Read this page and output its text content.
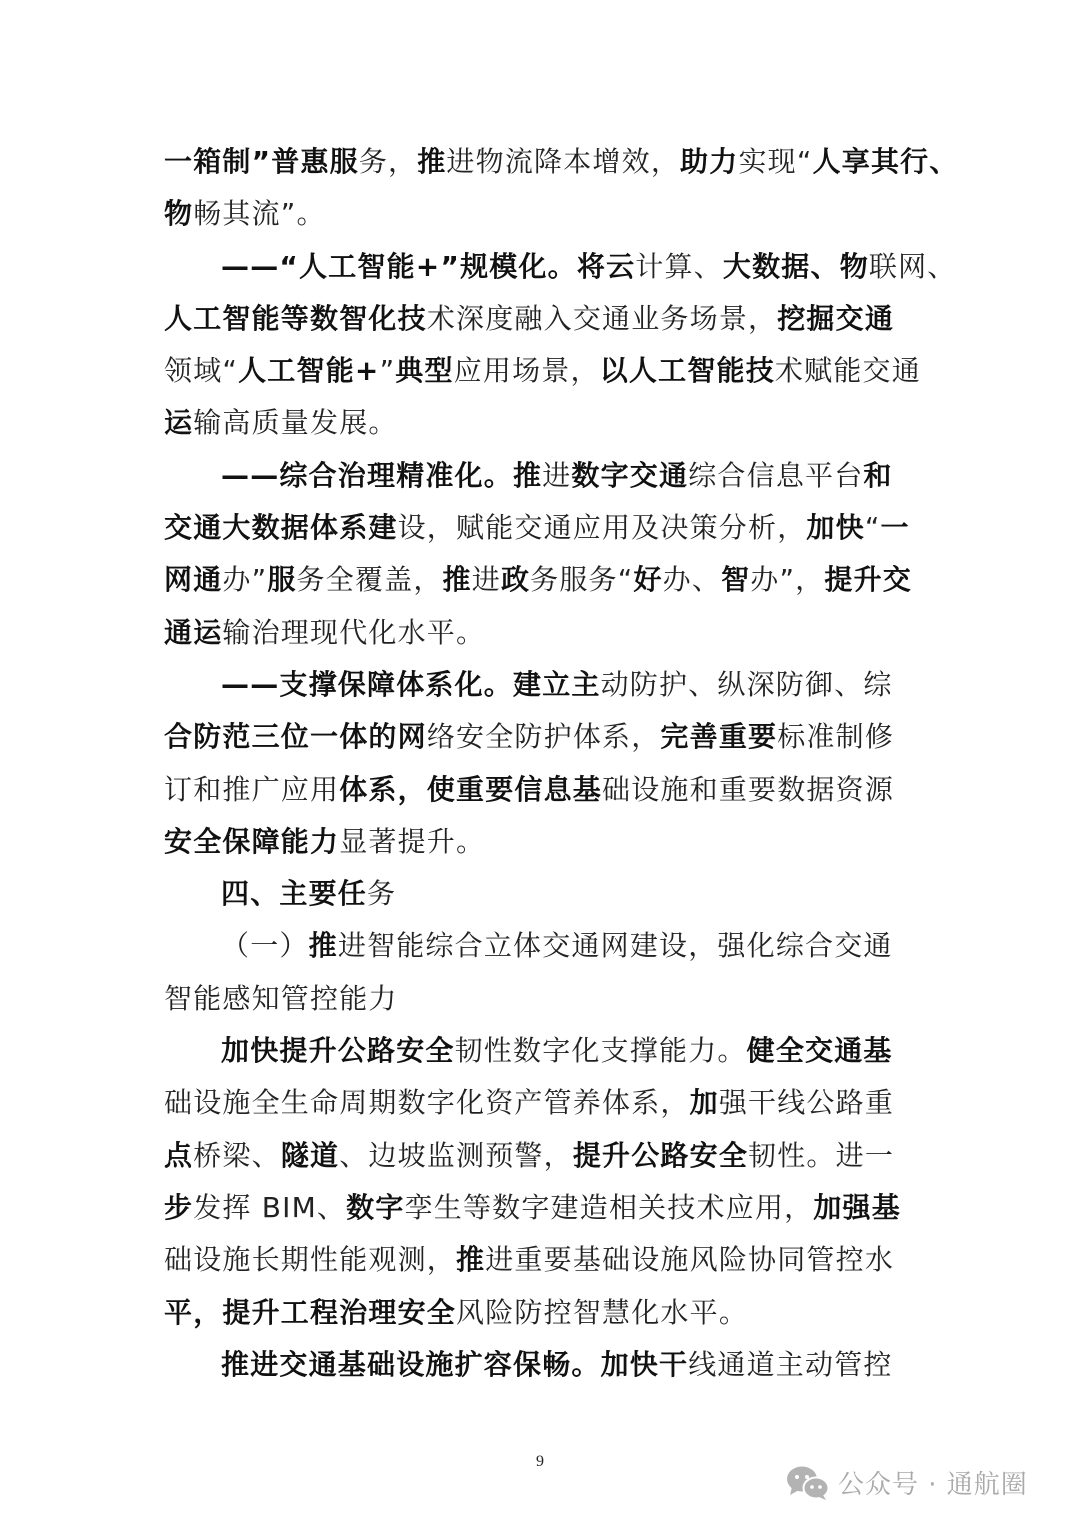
一箱制”普惠服务，推进物流降本增效，助力实现“人享其行、
物畅其流”。
——“人工智能+”规模化。将云计算、大数据、物联网、
人工智能等数智化技术深度融入交通业务场景，挖掘交通
领域“人工智能+”典型应用场景，以人工智能技术赋能交通
运输高质量发展。
——综合治理精准化。推进数字交通综合信息平台和
交通大数据体系建设，赋能交通应用及决策分析，加快“一
网通办”服务全覆盖，推进政务服务“好办、智办”，提升交
通运输治理现代化水平。
——支撑保障体系化。建立主动防护、纵深防御、综
合防范三位一体的网络安全防护体系，完善重要标准制修
订和推广应用体系，使重要信息基础设施和重要数据资源
安全保障能力显著提升。
四、主要任务
（一）推进智能综合立体交通网建设，强化综合交通
智能感知管控能力
加快提升公路安全韧性数字化支撑能力。健全交通基
础设施全生命周期数字化资产管养体系，加强干线公路重
点桥梁、隧道、边坡监测预警，提升公路安全韧性。进一
步发挥 BIM、数字孪生等数字建造相关技术应用，加强基
础设施长期性能观测，推进重要基础设施风险协同管控水
平，提升工程治理安全风险防控智慧化水平。
推进交通基础设施扩容保畅。加快干线通道主动管控
9
公众号 · 通航圈
